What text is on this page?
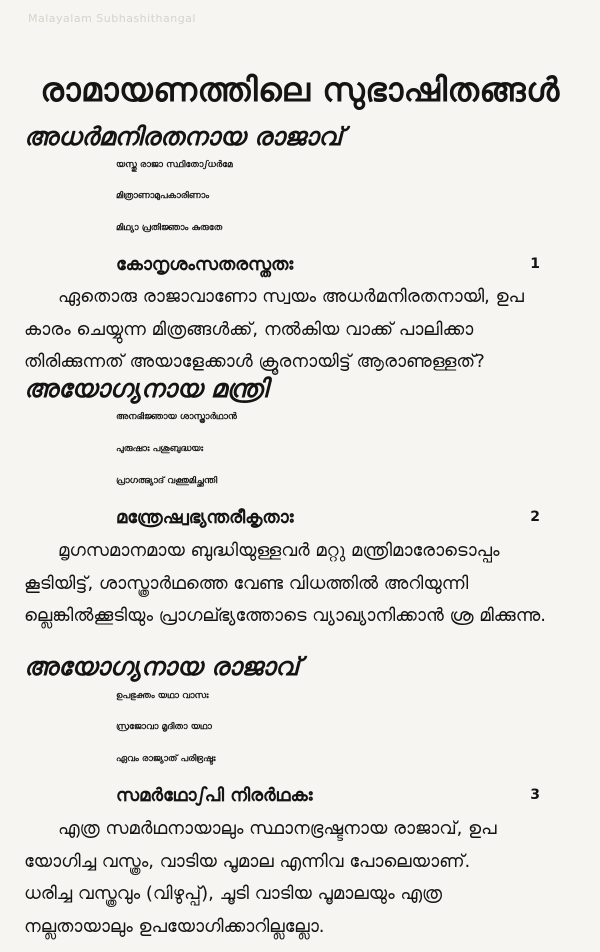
Malayalam Subhashithangal
രാമായണത്തിലെ സുഭാഷിതങ്ങൾ
അധർമനിരതനായ രാജാവ്
യസ്തു രാജാ സ്ഥിതോഽധർമേ
മിത്രാണാമുപകാരിണാം
മിഥ്യാ പ്രതിജ്ഞാം കുരുതേ
കോനൃശംസതരസ്തതഃ	1

ഏതൊരു രാജാവാണോ സ്വയം അധർമനിരതനായി, ഉപ

കാരം ചെയ്യുന്ന മിത്രങ്ങൾക്ക്, നൽകിയ വാക്ക് പാലിക്കാ

തിരിക്കുന്നത് അയാളേക്കാൾ ക്രൂരനായിട്ട് ആരാണുള്ളത്?

അയോഗ്യനായ മന്ത്രി
അനഭിജ്ഞായ ശാസ്ത്രാർഥാൻ
പുരുഷാഃ പശുബുദ്ധയഃ
പ്രാഗത്ഭ്യാദ് വക്തുമിച്ഛന്തി
മന്ത്രേഷ്വഭ്യന്തരീകൃതാഃ	2

മൃഗസമാനമായ ബുദ്ധിയുള്ളവർ മറ്റു മന്ത്രിമാരോടൊപ്പം

കൂടിയിട്ട്, ശാസ്ത്രാർഥത്തെ വേണ്ട വിധത്തിൽ അറിയുന്നി

ല്ലെങ്കിൽക്കൂടിയും പ്രാഗല്ഭ്യത്തോടെ വ്യാഖ്യാനിക്കാൻ ശ്ര

മിക്കുന്നു.

അയോഗ്യനായ രാജാവ്
ഉപഭുക്തം യഥാ വാസഃ
സ്രജോവാ മൃദിതാ യഥാ
ഏവം രാജ്യാത് പരിഭ്രഷ്ടഃ
സമർഥോഽപി നിരർഥകഃ	3

എത്ര സമർഥനായാലും സ്ഥാനഭ്രഷ്ടനായ രാജാവ്, ഉപ

യോഗിച്ച വസ്ത്രം, വാടിയ പൂമാല എന്നിവ പോലെയാണ്.

ധരിച്ച വസ്ത്രവും (വിഴുപ്പ്), ചൂടി വാടിയ പൂമാലയും എത്ര

നല്ലതായാലും ഉപയോഗിക്കാറില്ലല്ലോ.
